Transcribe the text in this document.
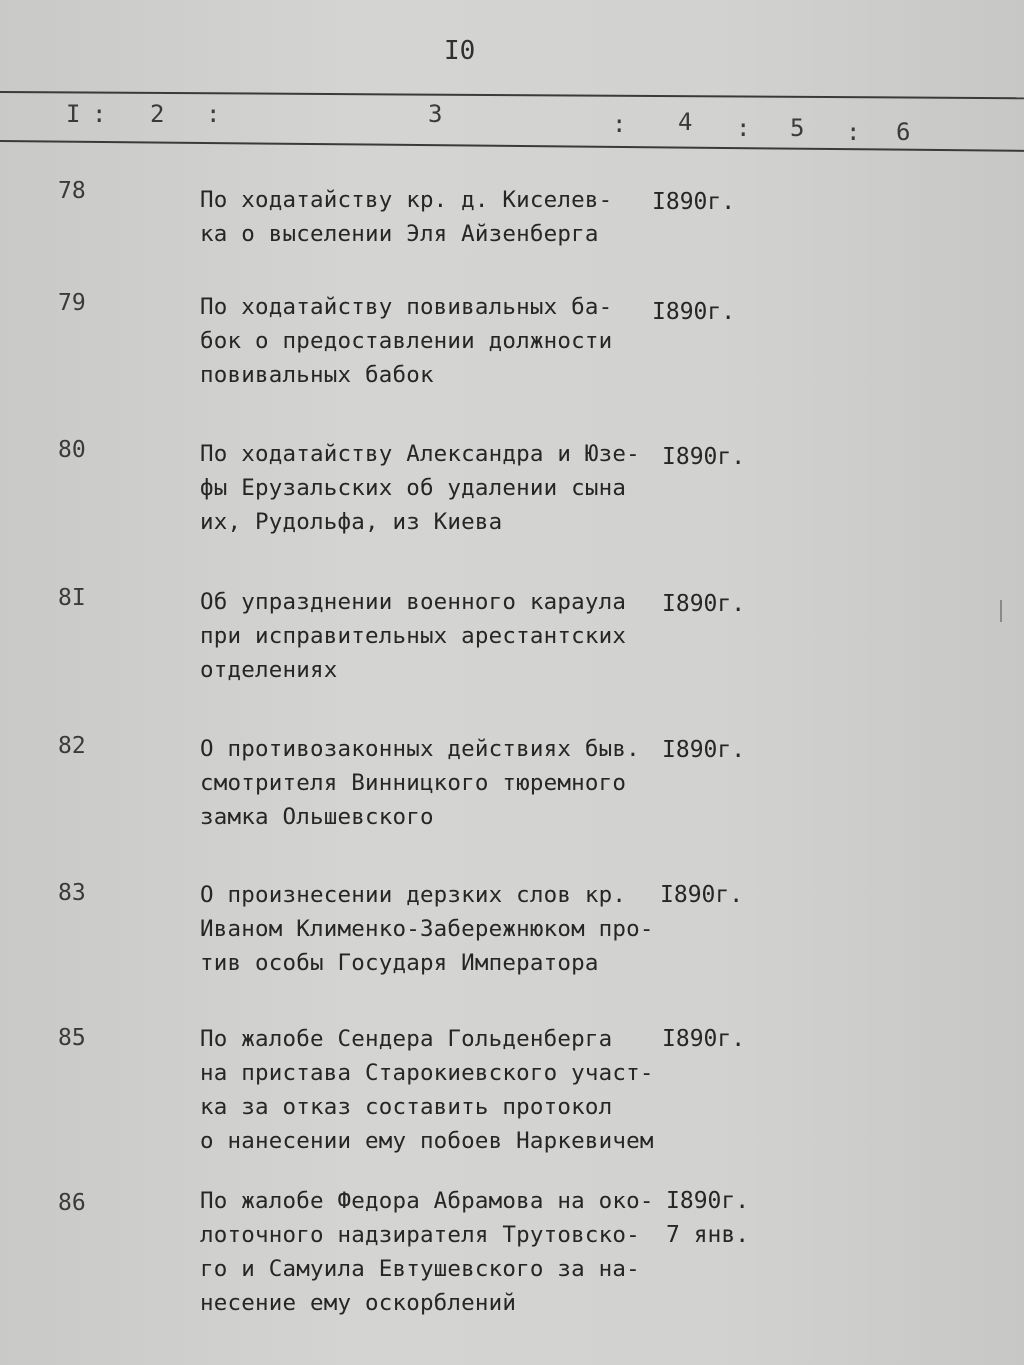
I0
I : 2 :	3	: 4 : 5 : 6
78	По ходатайству кр. д. Киселев-
ка о выселении Эля Айзенберга
I890г.
79	По ходатайству повивальных ба-
бок о предоставлении должности
повивальных бабок
I890г.
80	По ходатайству Александра и Юзе-
фы Ерузальских об удалении сына
их, Рудольфа, из Киева
I890г.
8I	Об упразднении военного караула
при исправительных арестантских
отделениях
I890г.
82	О противозаконных действиях быв.
смотрителя Винницкого тюремного
замка Ольшевского
I890г.
83	О произнесении дерзких слов кр.
Иваном Клименко-Забережнюком про-
тив особы Государя Императора
I890г.
85	По жалобе Сендера Гольденберга
на пристава Старокиевского участ-
ка за отказ составить протокол
о нанесении ему побоев Наркевичем
I890г.
86	По жалобе Федора Абрамова на око-
лоточного надзирателя Трутовско-
го и Самуила Евтушевского за на-
несение ему оскорблений
I890г.
7 янв.
